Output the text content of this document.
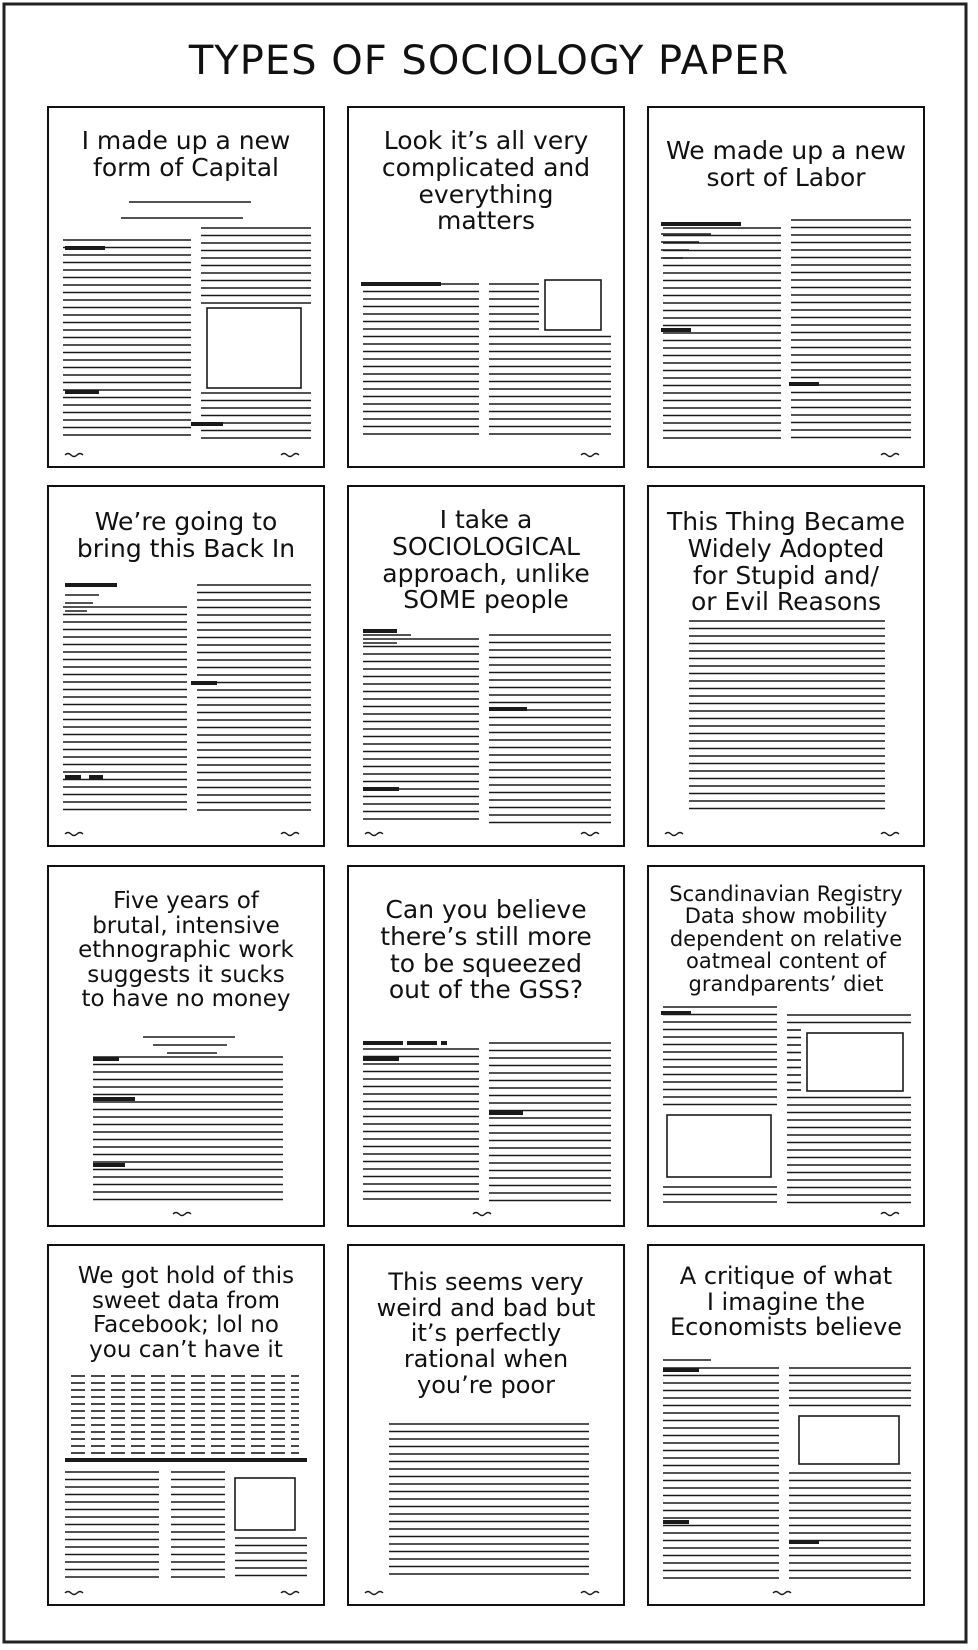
TYPES OF SOCIOLOGY PAPER
I made up a new
form of Capital
Look it’s all very
complicated and
everything
matters
We made up a new
sort of Labor
We’re going to
bring this Back In
I take a
SOCIOLOGICAL
approach, unlike
SOME people
This Thing Became
Widely Adopted
for Stupid and/
or Evil Reasons
Five years of
brutal, intensive
ethnographic work
suggests it sucks
to have no money
Can you believe
there’s still more
to be squeezed
out of the GSS?
Scandinavian Registry
Data show mobility
dependent on relative
oatmeal content of
grandparents’ diet
We got hold of this
sweet data from
Facebook; lol no
you can’t have it
This seems very
weird and bad but
it’s perfectly
rational when
you’re poor
A critique of what
I imagine the
Economists believe
